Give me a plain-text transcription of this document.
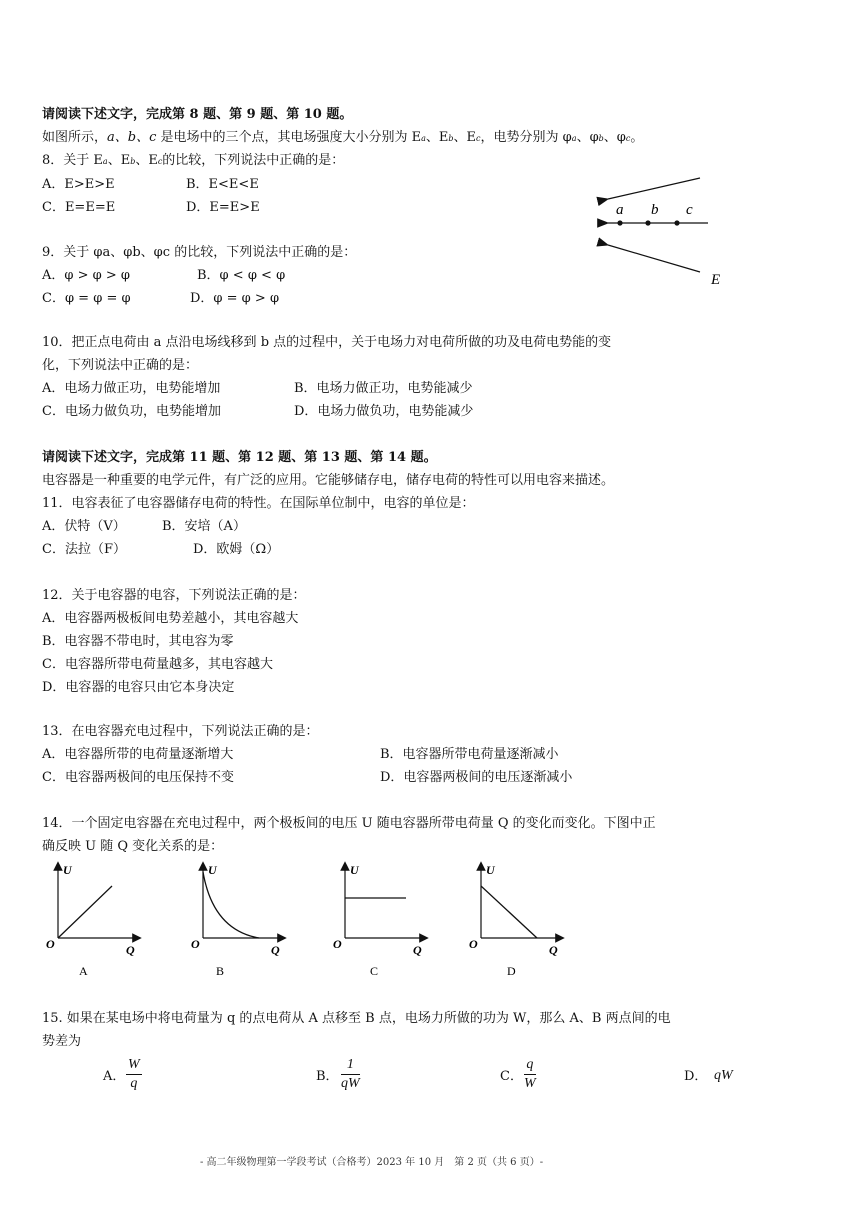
请阅读下述文字，完成第 8 题、第 9 题、第 10 题。
如图所示，a、b、c 是电场中的三个点，其电场强度大小分别为 Ea、Eb、Ec，电势分别为 φa、φb、φc。
8．关于 Ea、Eb、Ec的比较，下列说法中正确的是：
A．E>E>E	B．E<E<E
C．E=E=E	D．E=E>E	a b c
E
9．关于 φa、φb、φc 的比较，下列说法中正确的是：
A．φ > φ > φ	B．φ < φ < φ
C．φ = φ = φ	D．φ = φ > φ
10．把正点电荷由 a 点沿电场线移到 b 点的过程中，关于电场力对电荷所做的功及电荷电势能的变
化，下列说法中正确的是：
A．电场力做正功，电势能增加	B．电场力做正功，电势能减少
C．电场力做负功，电势能增加	D．电场力做负功，电势能减少
请阅读下述文字，完成第 11 题、第 12 题、第 13 题、第 14 题。
电容器是一种重要的电学元件，有广泛的应用。它能够储存电，储存电荷的特性可以用电容来描述。
11．电容表征了电容器储存电荷的特性。在国际单位制中，电容的单位是：
A．伏特（V）	B．安培（A）
C．法拉（F）	D．欧姆（Ω）
12．关于电容器的电容，下列说法正确的是：
A．电容器两极板间电势差越小，其电容越大
B．电容器不带电时，其电容为零
C．电容器所带电荷量越多，其电容越大
D．电容器的电容只由它本身决定
13．在电容器充电过程中，下列说法正确的是：
A．电容器所带的电荷量逐渐增大	B．电容器所带电荷量逐渐减小
C．电容器两极间的电压保持不变	D．电容器两极间的电压逐渐减小
14．一个固定电容器在充电过程中，两个极板间的电压 U 随电容器所带电荷量 Q 的变化而变化。下图中正
确反映 U 随 Q 变化关系的是：
U
Q
O
A
U
Q
O
B
U
Q
O
C
U
Q
O
D
15. 如果在某电场中将电荷量为 q 的点电荷从 A 点移至 B 点，电场力所做的功为 W，那么 A、B 两点间的电
势差为
A． $\frac{W}{q}$	B． $\frac{1}{qW}$	C． $\frac{q}{W}$	D． qW
- 高二年级物理第一学段考试（合格考）2023 年 10 月　第 2 页（共 6 页）-
